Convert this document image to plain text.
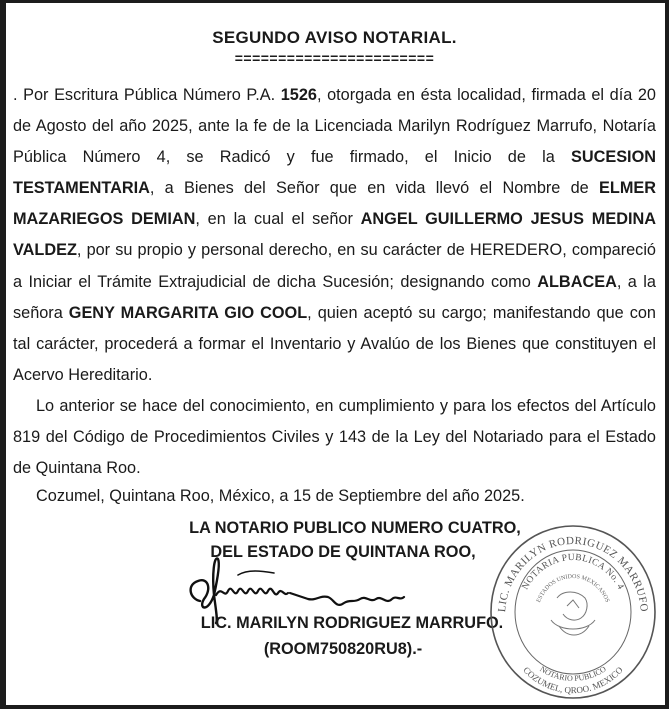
SEGUNDO AVISO NOTARIAL.
=======================

. Por Escritura Pública Número P.A. 1526, otorgada en ésta localidad, firmada el día 20 de Agosto del año 2025, ante la fe de la Licenciada Marilyn Rodríguez Marrufo, Notaría Pública Número 4, se Radicó y fue firmado, el Inicio de la SUCESION TESTAMENTARIA, a Bienes del Señor que en vida llevó el Nombre de ELMER MAZARIEGOS DEMIAN, en la cual el señor ANGEL GUILLERMO JESUS MEDINA VALDEZ, por su propio y personal derecho, en su carácter de HEREDERO, compareció a Iniciar el Trámite Extrajudicial de dicha Sucesión; designando como ALBACEA, a la señora GENY MARGARITA GIO COOL, quien aceptó su cargo; manifestando que con tal carácter, procederá a formar el Inventario y Avalúo de los Bienes que constituyen el Acervo Hereditario.

Lo anterior se hace del conocimiento, en cumplimiento y para los efectos del Artículo 819 del Código de Procedimientos Civiles y 143 de la Ley del Notariado para el Estado de Quintana Roo.

Cozumel, Quintana Roo, México, a 15 de Septiembre del año 2025.
LA NOTARIO PUBLICO NUMERO CUATRO,
DEL ESTADO DE QUINTANA ROO,
LIC. MARILYN RODRIGUEZ MARRUFO.
(ROOM750820RU8).-
LIC. MARILYN RODRIGUEZ MARRUFO
NOTARIA PUBLICA No. 4
ESTADOS UNIDOS MEXICANOS
NOTARIO PUBLICO
COZUMEL, QROO. MEXICO
